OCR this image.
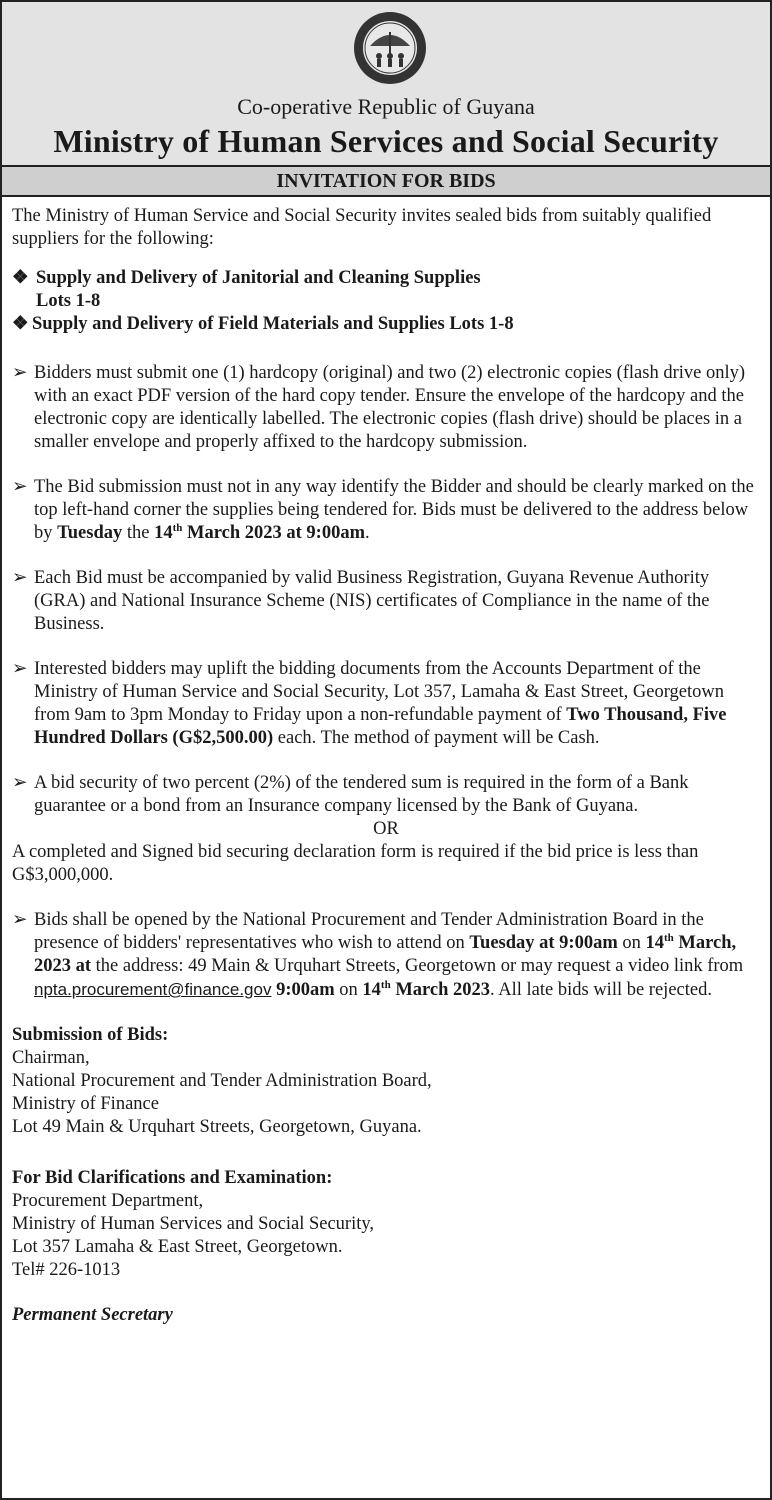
Co-operative Republic of Guyana
Ministry of Human Services and Social Security
INVITATION FOR BIDS

The Ministry of Human Service and Social Security invites sealed bids from suitably qualified suppliers for the following:

❖ Supply and Delivery of Janitorial and Cleaning Supplies
Lots 1-8
❖ Supply and Delivery of Field Materials and Supplies Lots 1-8
➢ Bidders must submit one (1) hardcopy (original) and two (2) electronic copies (flash drive only) with an exact PDF version of the hard copy tender. Ensure the envelope of the hardcopy and the electronic copy are identically labelled. The electronic copies (flash drive) should be places in a smaller envelope and properly affixed to the hardcopy submission.

➢ The Bid submission must not in any way identify the Bidder and should be clearly marked on the top left-hand corner the supplies being tendered for. Bids must be delivered to the address below by Tuesday the 14th March 2023 at 9:00am.

➢ Each Bid must be accompanied by valid Business Registration, Guyana Revenue Authority (GRA) and National Insurance Scheme (NIS) certificates of Compliance in the name of the Business.

➢ Interested bidders may uplift the bidding documents from the Accounts Department of the Ministry of Human Service and Social Security, Lot 357, Lamaha & East Street, Georgetown from 9am to 3pm Monday to Friday upon a non-refundable payment of Two Thousand, Five Hundred Dollars (G$2,500.00) each. The method of payment will be Cash.

➢ A bid security of two percent (2%) of the tendered sum is required in the form of a Bank guarantee or a bond from an Insurance company licensed by the Bank of Guyana.

OR

A completed and Signed bid securing declaration form is required if the bid price is less than G$3,000,000.

➢ Bids shall be opened by the National Procurement and Tender Administration Board in the presence of bidders' representatives who wish to attend on Tuesday at 9:00am on 14th March, 2023 at the address: 49 Main & Urquhart Streets, Georgetown or may request a video link from npta.procurement@finance.gov 9:00am on 14th March 2023. All late bids will be rejected.

Submission of Bids:

Chairman,

National Procurement and Tender Administration Board,

Ministry of Finance

Lot 49 Main & Urquhart Streets, Georgetown, Guyana.

For Bid Clarifications and Examination:

Procurement Department,

Ministry of Human Services and Social Security,

Lot 357 Lamaha & East Street, Georgetown.

Tel# 226-1013

Permanent Secretary
